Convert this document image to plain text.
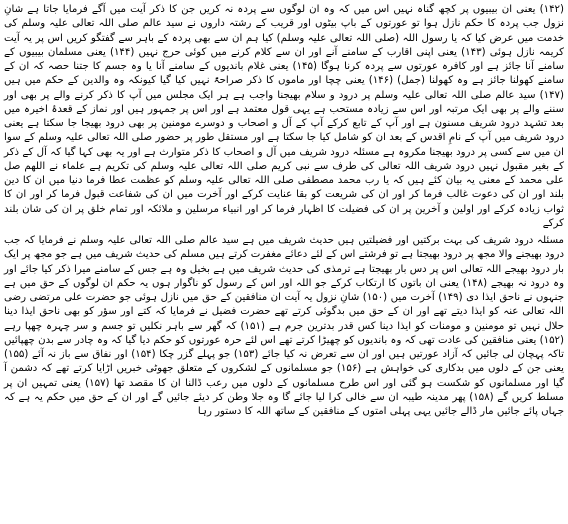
(۱۴۲) یعنی ان بیبیوں پر کچھ گناہ نہیں اس میں کہ وہ ان لوگوں سے پردہ نہ کریں جن کا ذکر آیت میں آگے فرمایا جاتا ہے شانِ نزول جب پردہ کا حکم نازل ہوا تو عورتوں کے باپ بیٹوں اور قریب کے رشتہ داروں نے سید عالم صلی اللہ تعالی علیہ وسلم کی خدمت میں عرض کیا کہ یا رسول اللہ (صلی اللہ تعالی علیہ وسلم) کیا ہم ان سے بھی پردہ کے باہر سے گفتگو کریں اس پر یہ آیت کریمہ نازل ہوئی (۱۴۳) یعنی اپنی اقارب کے سامنے آنے اور ان سے کلام کرنے میں کوئی حرج نہیں (۱۴۴) یعنی مسلمان بیبیوں کے سامنے آنا جائز ہے اور کافرہ عورتوں سے پردہ کرنا ہوگا (۱۴۵) یعنی غلام باندیوں کے سامنے آنا یا وہ جسم کا جتنا حصہ کہ ان کے سامنے کھولنا جائز ہے وہ کھولنا (جمل) (۱۴۶) یعنی چچا اور ماموں کا ذکر صراحۃً نہیں کیا گیا کیونکہ وہ والدین کے حکم میں ہیں (۱۴۷) سید عالم صلی اللہ تعالی علیہ وسلم پر درود و سلام بھیجنا واجب ہے ہر ایک مجلس میں آپ کا ذکر کرنے والے پر بھی اور سننے والے پر بھی ایک مرتبہ اور اس سے زیادہ مستحب ہے یہی قول معتمد ہے اور اس پر جمہور ہیں اور نماز کے قعدۂ اخیرہ میں بعد تشہد درود شریف مسنون ہے اور آپ کے تابع کرکے آپ کے آل و اصحاب و دوسرے مومنین پر بھی درود بھیجا جا سکتا ہے یعنی درود شریف میں آپ کے نامِ اقدس کے بعد ان کو شامل کیا جا سکتا ہے اور مستقل طور پر حضور صلی اللہ تعالی علیہ وسلم کے سوا ان میں سے کسی پر درود بھیجنا مکروہ ہے مسئلہ درود شریف میں آل و اصحاب کا ذکر متوارث ہے اور یہ بھی کہا گیا کہ آل کے ذکر کے بغیر مقبول نہیں درود شریف اللہ تعالی کی طرف سے نبی کریم صلی اللہ تعالی علیہ وسلم کی تکریم ہے علماء نے اللھم صل علی محمد کے معنی یہ بیان کئے ہیں کہ یا رب محمد مصطفی صلی اللہ تعالی علیہ وسلم کو عظمت عطا فرما دنیا میں ان کا دین بلند اور ان کی دعوت غالب فرما کر اور ان کی شریعت کو بقا عنایت کرکے اور آخرت میں ان کی شفاعت قبول فرما کر اور ان کا ثواب زیادہ کرکے اور اولین و آخرین پر ان کی فضیلت کا اظہار فرما کر اور انبیاء مرسلین و ملائکہ اور تمام خلق پر ان کی شان بلند کرکے

مسئلہ درود شریف کی بہت برکتیں اور فضیلتیں ہیں حدیث شریف میں ہے سید عالم صلی اللہ تعالی علیہ وسلم نے فرمایا کہ جب درود بھیجنے والا مجھ پر درود بھیجتا ہے تو فرشتے اس کے لئے دعائے مغفرت کرتے ہیں مسلم کی حدیث شریف میں ہے جو مجھ پر ایک بار درود بھیجے اللہ تعالی اس پر دس بار بھیجتا ہے ترمذی کی حدیث شریف میں ہے بخیل وہ ہے جس کے سامنے میرا ذکر کیا جائے اور وہ درود نہ بھیجے (۱۴۸) یعنی ان باتوں کا ارتکاب کرکے جو اللہ اور اس کے رسول کو ناگوار ہوں یہ حکم ان لوگوں کے حق میں ہے جنہوں نے ناحق ایذا دی (۱۴۹) آخرت میں (۱۵۰) شانِ نزول یہ آیت ان منافقین کے حق میں نازل ہوئی جو حضرت علی مرتضی رضی اللہ تعالی عنہ کو ایذا دیتے تھے اور ان کے حق میں بدگوئی کرتے تھے حضرت فضیل نے فرمایا کہ کتے اور سؤر کو بھی ناحق ایذا دینا حلال نہیں تو مومنین و مومنات کو ایذا دینا کس قدر بدترین جرم ہے (۱۵۱) کہ گھر سے باہر نکلیں تو جسم و سر چہرہ چھپا رہے (۱۵۲) یعنی منافقین کی عادت تھی کہ وہ باندیوں کو چھیڑا کرتے تھے اس لئے حرہ عورتوں کو حکم دیا گیا کہ وہ چادر سے بدن چھپائیں تاکہ پہچان لی جائیں کہ آزاد عورتیں ہیں اور ان سے تعرض نہ کیا جائے (۱۵۳) جو پہلے گزر چکا (۱۵۴) اور نفاق سے باز نہ آئے (۱۵۵) یعنی جن کے دلوں میں بدکاری کی خواہش ہے (۱۵۶) جو مسلمانوں کے لشکروں کے متعلق جھوٹی خبریں اڑایا کرتے تھے کہ دشمن آ گیا اور مسلمانوں کو شکست ہو گئی اور اس طرح مسلمانوں کے دلوں میں رعب ڈالنا ان کا مقصد تھا (۱۵۷) یعنی تمہیں ان پر مسلط کریں گے (۱۵۸) پھر مدینہ طیبہ ان سے خالی کرا لیا جائے گا وہ جلا وطن کر دیئے جائیں گے اور ان کے حق میں حکم یہ ہے کہ جہاں پائے جائیں مار ڈالے جائیں یہی پہلی امتوں کے منافقین کے ساتھ اللہ کا دستور رہا
